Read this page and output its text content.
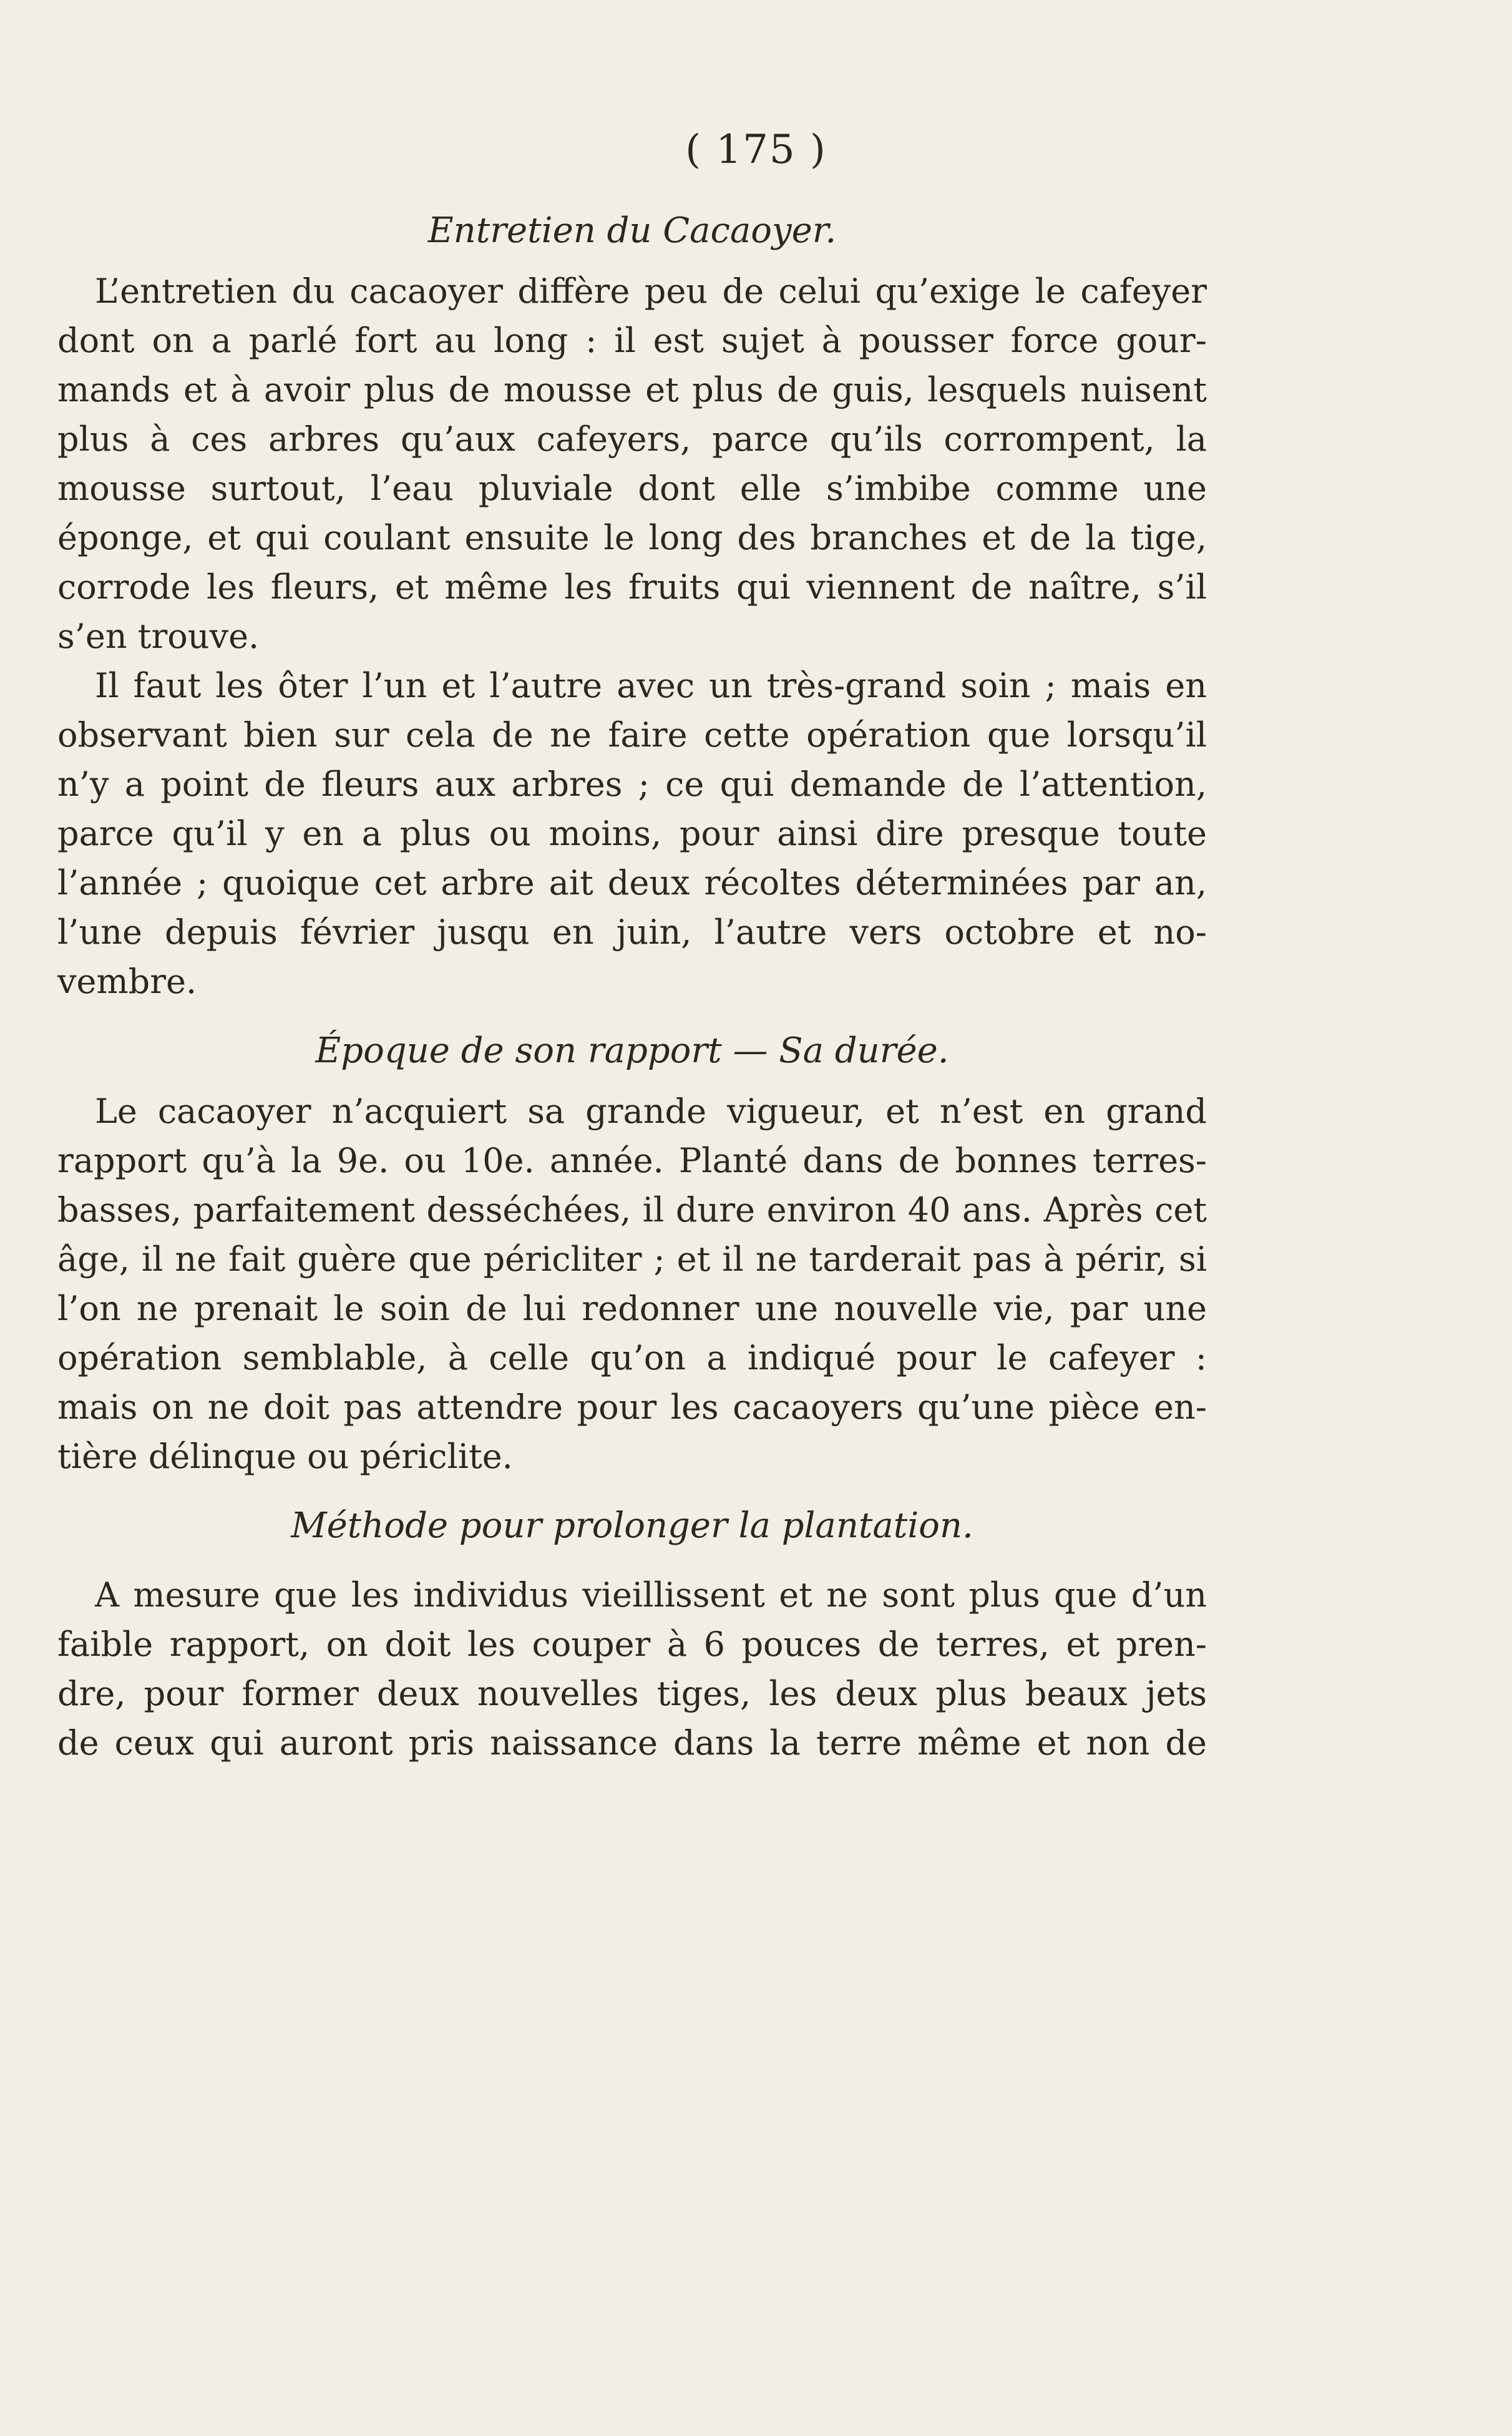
( 175 )
Entretien du Cacaoyer.
L’entretien du cacaoyer diffère peu de celui qu’exige le cafeyer
dont on a parlé fort au long : il est sujet à pousser force gour-
mands et à avoir plus de mousse et plus de guis, lesquels nuisent
plus à ces arbres qu’aux cafeyers, parce qu’ils corrompent, la
mousse surtout, l’eau pluviale dont elle s’imbibe comme une
éponge, et qui coulant ensuite le long des branches et de la tige,
corrode les fleurs, et même les fruits qui viennent de naître, s’il
s’en trouve.
Il faut les ôter l’un et l’autre avec un très-grand soin ; mais en
observant bien sur cela de ne faire cette opération que lorsqu’il
n’y a point de fleurs aux arbres ; ce qui demande de l’attention,
parce qu’il y en a plus ou moins, pour ainsi dire presque toute
l’année ; quoique cet arbre ait deux récoltes déterminées par an,
l’une depuis février jusqu en juin, l’autre vers octobre et no-
vembre.
Époque de son rapport — Sa durée.
Le cacaoyer n’acquiert sa grande vigueur, et n’est en grand
rapport qu’à la 9e. ou 10e. année. Planté dans de bonnes terres-
basses, parfaitement desséchées, il dure environ 40 ans. Après cet
âge, il ne fait guère que péricliter ; et il ne tarderait pas à périr, si
l’on ne prenait le soin de lui redonner une nouvelle vie, par une
opération semblable, à celle qu’on a indiqué pour le cafeyer :
mais on ne doit pas attendre pour les cacaoyers qu’une pièce en-
tière délinque ou périclite.
Méthode pour prolonger la plantation.
A mesure que les individus vieillissent et ne sont plus que d’un
faible rapport, on doit les couper à 6 pouces de terres, et pren-
dre, pour former deux nouvelles tiges, les deux plus beaux jets
de ceux qui auront pris naissance dans la terre même et non de
